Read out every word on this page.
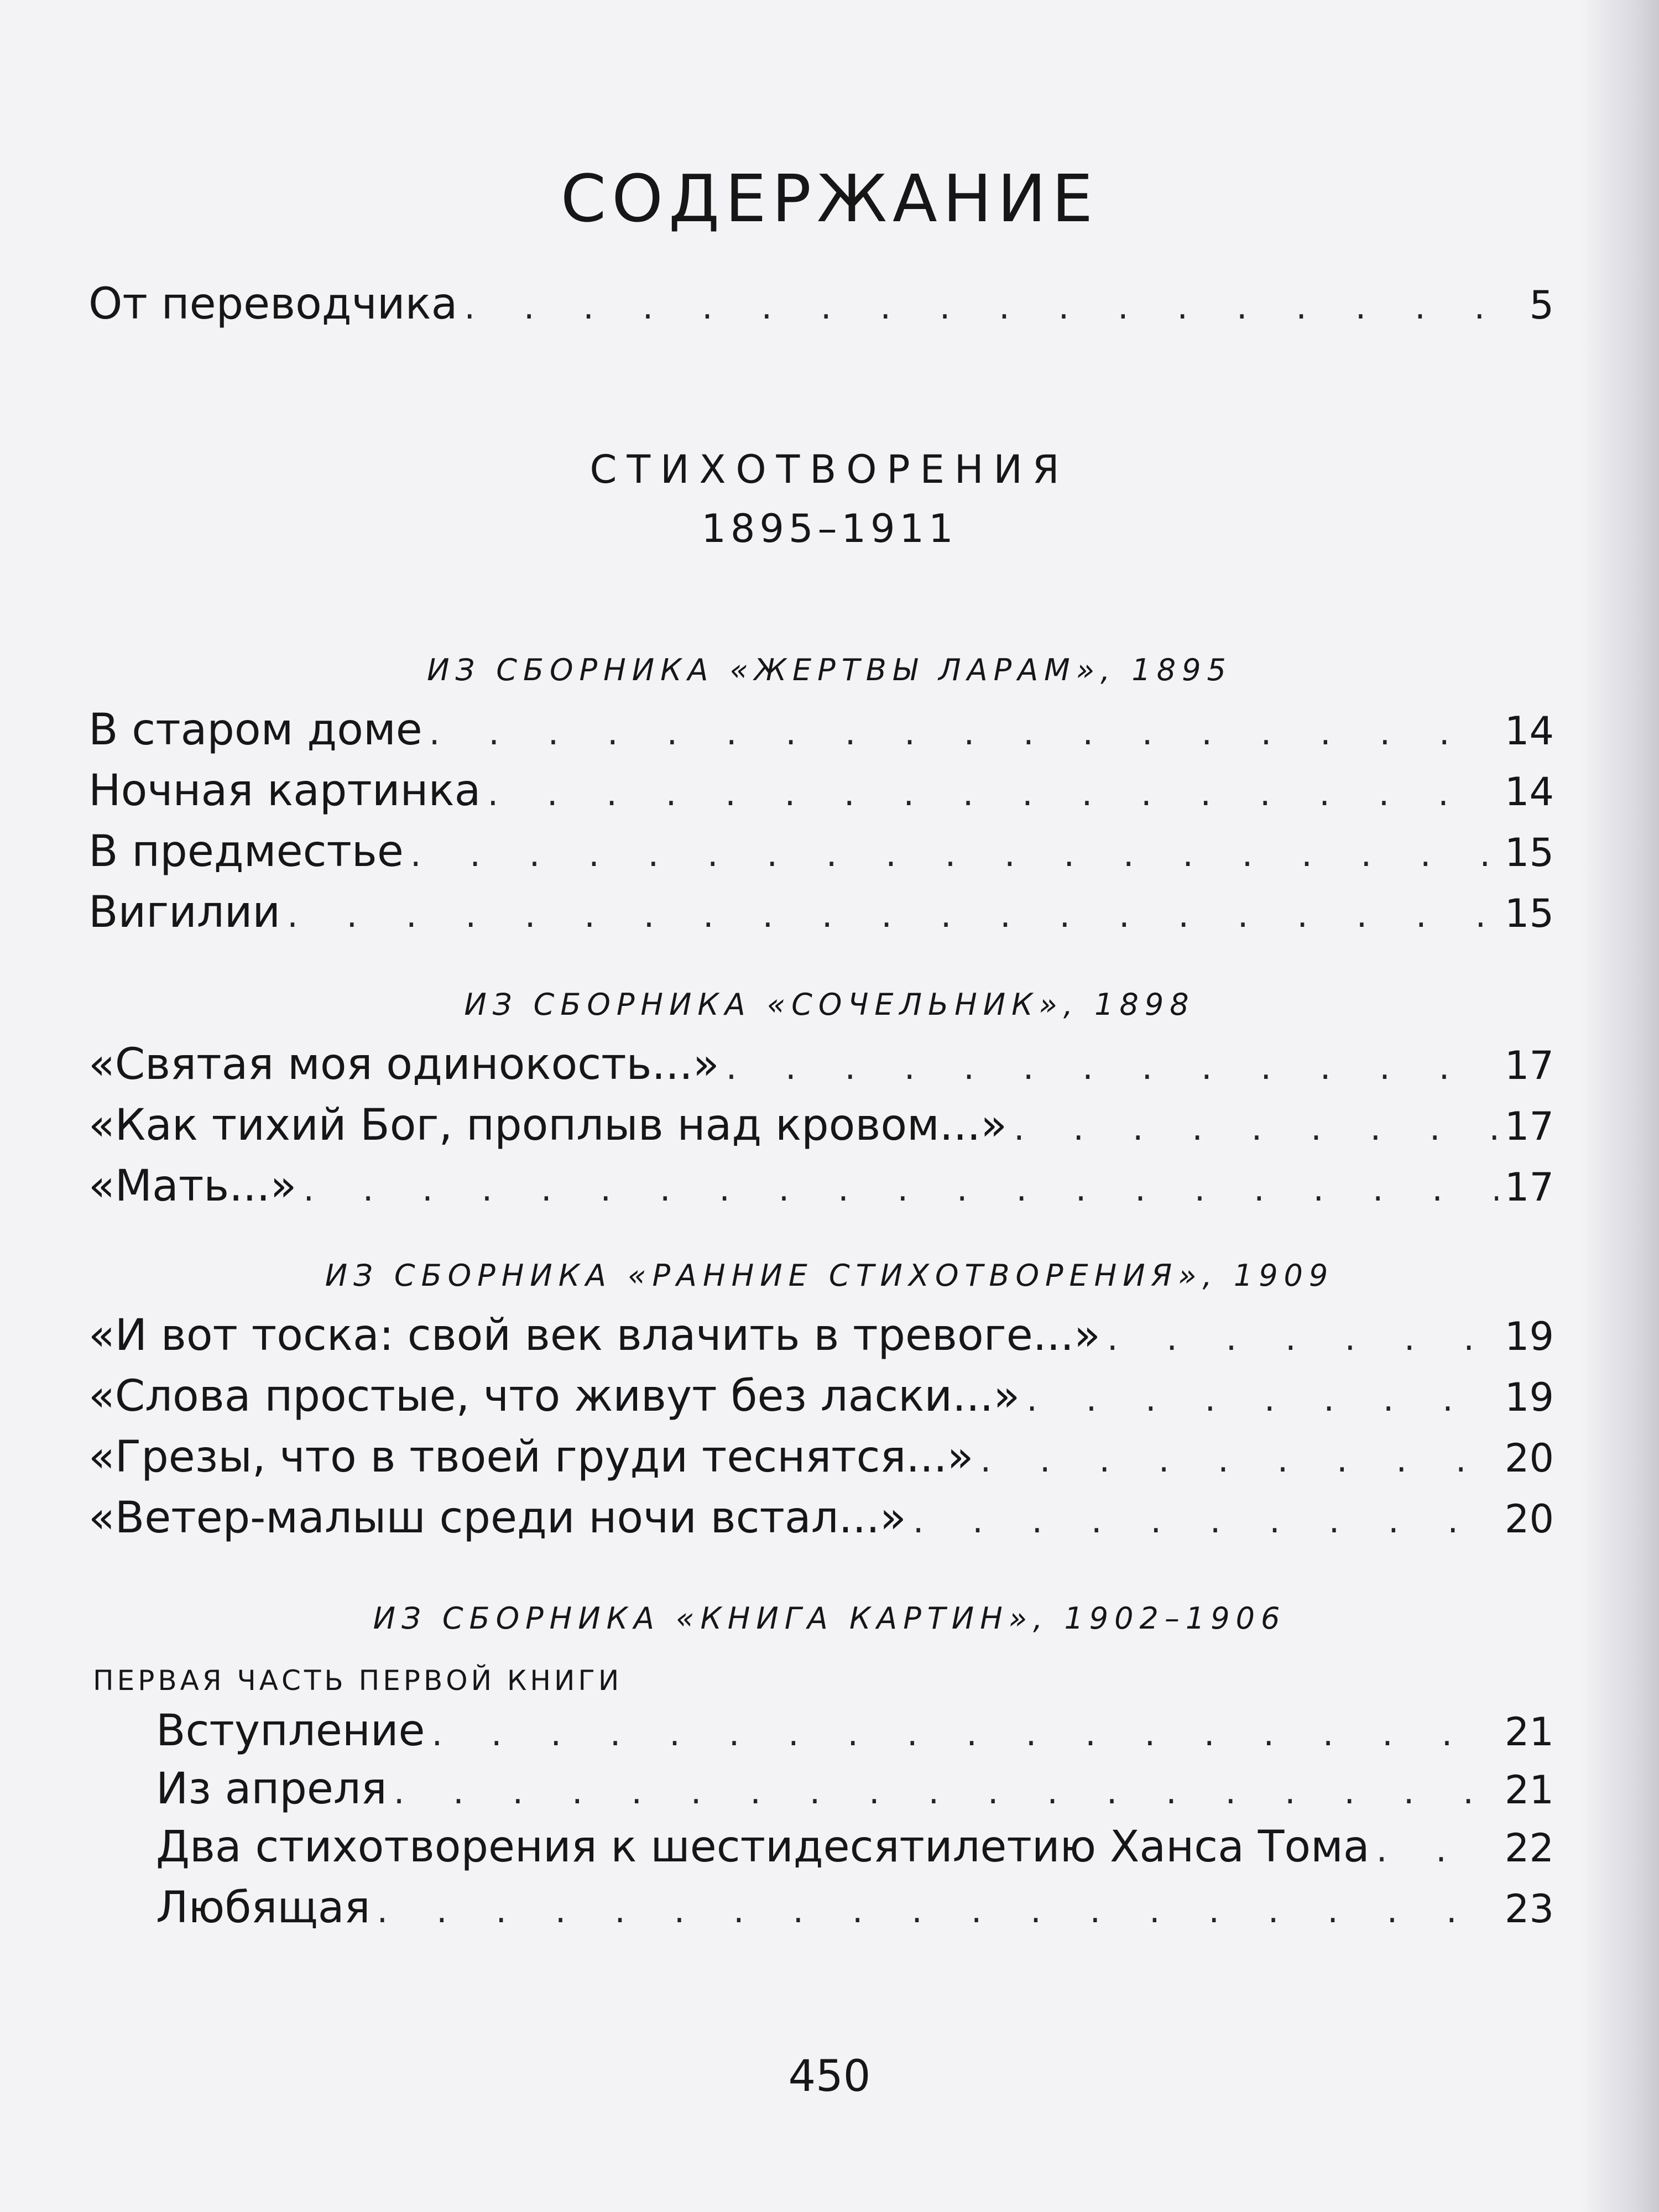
СОДЕРЖАНИЕ
От переводчика . . .	5
СТИХОТВОРЕНИЯ
1895–1911
ИЗ СБОРНИКА «ЖЕРТВЫ ЛАРАМ», 1895
В старом доме . . .	14
Ночная картинка . . .	14
В предместье . . .	15
Вигилии . . .	15
ИЗ СБОРНИКА «СОЧЕЛЬНИК», 1898
«Святая моя одинокость...» . . .	17
«Как тихий Бог, проплыв над кровом...» . . .	17
«Мать...» . . .	17
ИЗ СБОРНИКА «РАННИЕ СТИХОТВОРЕНИЯ», 1909
«И вот тоска: свой век влачить в тревоге...» . . .	19
«Слова простые, что живут без ласки...» . . .	19
«Грезы, что в твоей груди теснятся...» . . .	20
«Ветер-малыш среди ночи встал...» . . .	20
ИЗ СБОРНИКА «КНИГА КАРТИН», 1902–1906
ПЕРВАЯ ЧАСТЬ ПЕРВОЙ КНИГИ
Вступление . . .	21
Из апреля . . .	21
Два стихотворения к шестидесятилетию Ханса Тома . . .	22
Любящая . . .	23
450
